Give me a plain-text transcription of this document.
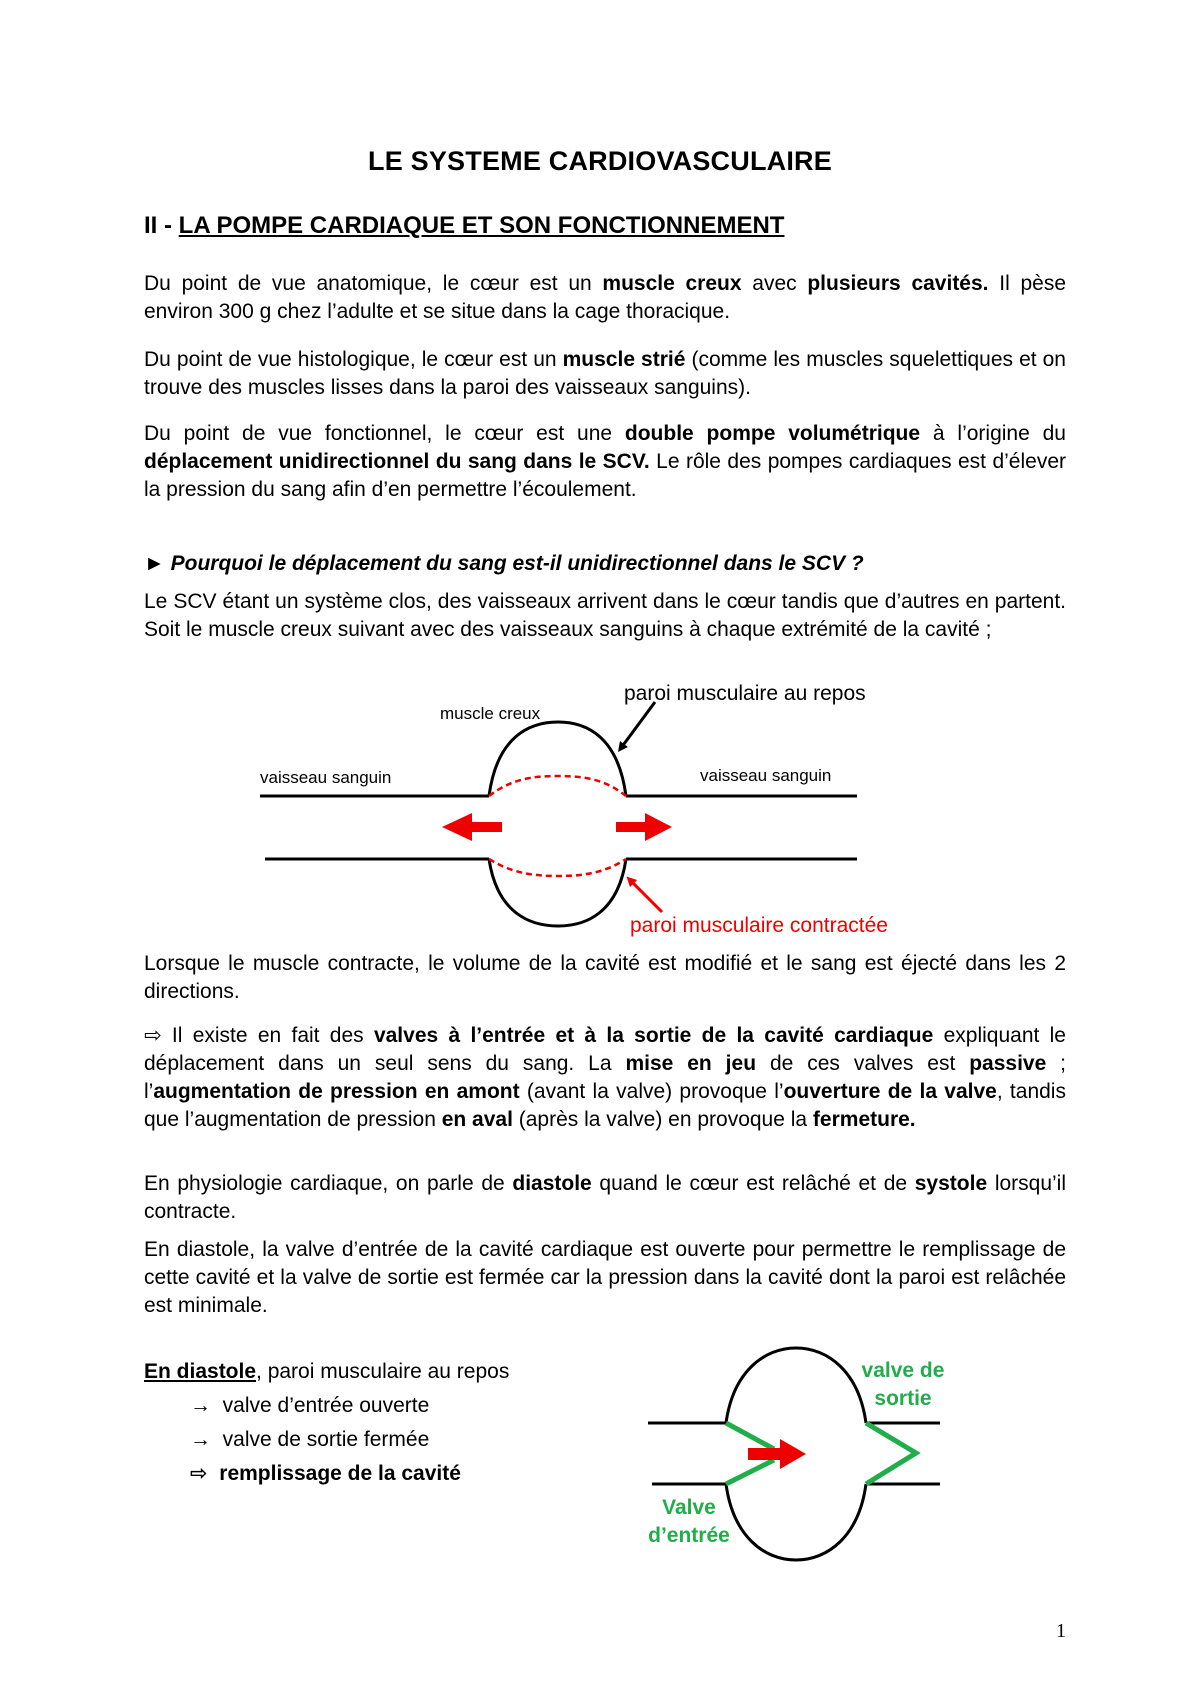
LE SYSTEME CARDIOVASCULAIRE
II - LA POMPE CARDIAQUE ET SON FONCTIONNEMENT

Du point de vue anatomique, le cœur est un muscle creux avec plusieurs cavités. Il pèse environ 300 g chez l’adulte et se situe dans la cage thoracique.

Du point de vue histologique, le cœur est un muscle strié (comme les muscles squelettiques et on trouve des muscles lisses dans la paroi des vaisseaux sanguins).

Du point de vue fonctionnel, le cœur est une double pompe volumétrique à l’origine du déplacement unidirectionnel du sang dans le SCV. Le rôle des pompes cardiaques est d’élever la pression du sang afin d’en permettre l’écoulement.

► Pourquoi le déplacement du sang est-il unidirectionnel dans le SCV ?

Le SCV étant un système clos, des vaisseaux arrivent dans le cœur tandis que d’autres en partent. Soit le muscle creux suivant avec des vaisseaux sanguins à chaque extrémité de la cavité ;

muscle creux
paroi musculaire au repos
vaisseau sanguin	vaisseau sanguin
paroi musculaire contractée

Lorsque le muscle contracte, le volume de la cavité est modifié et le sang est éjecté dans les 2 directions.

⇨ Il existe en fait des valves à l’entrée et à la sortie de la cavité cardiaque expliquant le déplacement dans un seul sens du sang. La mise en jeu de ces valves est passive ; l’augmentation de pression en amont (avant la valve) provoque l’ouverture de la valve, tandis que l’augmentation de pression en aval (après la valve) en provoque la fermeture.

En physiologie cardiaque, on parle de diastole quand le cœur est relâché et de systole lorsqu’il contracte.

En diastole, la valve d’entrée de la cavité cardiaque est ouverte pour permettre le remplissage de cette cavité et la valve de sortie est fermée car la pression dans la cavité dont la paroi est relâchée est minimale.

En diastole, paroi musculaire au repos
→ valve d’entrée ouverte
→ valve de sortie fermée
⇨ remplissage de la cavité
valve de
sortie
Valve
d’entrée
1
